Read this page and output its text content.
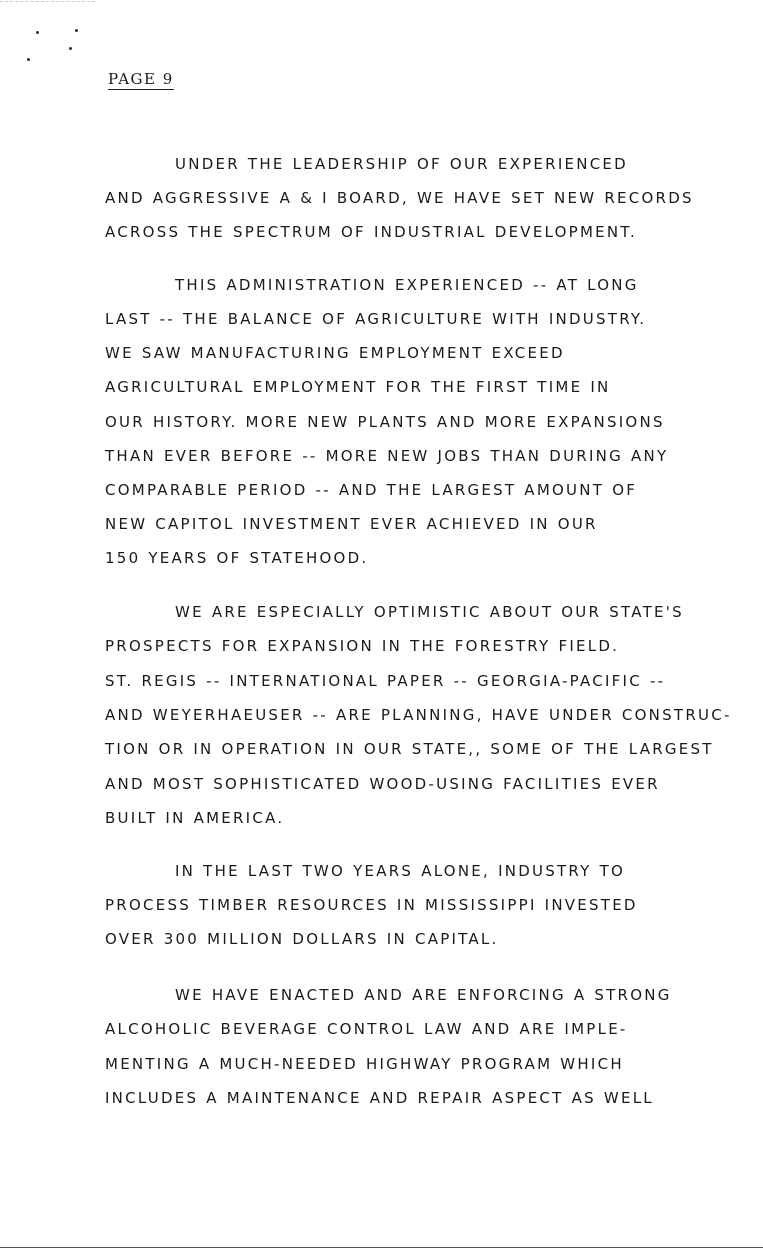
PAGE 9
UNDER THE LEADERSHIP OF OUR EXPERIENCED
AND AGGRESSIVE A & I BOARD, WE HAVE SET NEW RECORDS
ACROSS THE SPECTRUM OF INDUSTRIAL DEVELOPMENT.
THIS ADMINISTRATION EXPERIENCED -- AT LONG
LAST -- THE BALANCE OF AGRICULTURE WITH INDUSTRY.
WE SAW MANUFACTURING EMPLOYMENT EXCEED
AGRICULTURAL EMPLOYMENT FOR THE FIRST TIME IN
OUR HISTORY. MORE NEW PLANTS AND MORE EXPANSIONS
THAN EVER BEFORE -- MORE NEW JOBS THAN DURING ANY
COMPARABLE PERIOD -- AND THE LARGEST AMOUNT OF
NEW CAPITOL INVESTMENT EVER ACHIEVED IN OUR
150 YEARS OF STATEHOOD.
WE ARE ESPECIALLY OPTIMISTIC ABOUT OUR STATE'S
PROSPECTS FOR EXPANSION IN THE FORESTRY FIELD.
ST. REGIS -- INTERNATIONAL PAPER -- GEORGIA-PACIFIC --
AND WEYERHAEUSER -- ARE PLANNING, HAVE UNDER CONSTRUC-
TION OR IN OPERATION IN OUR STATE,, SOME OF THE LARGEST
AND MOST SOPHISTICATED WOOD-USING FACILITIES EVER
BUILT IN AMERICA.
IN THE LAST TWO YEARS ALONE, INDUSTRY TO
PROCESS TIMBER RESOURCES IN MISSISSIPPI INVESTED
OVER 300 MILLION DOLLARS IN CAPITAL.
WE HAVE ENACTED AND ARE ENFORCING A STRONG
ALCOHOLIC BEVERAGE CONTROL LAW AND ARE IMPLE-
MENTING A MUCH-NEEDED HIGHWAY PROGRAM WHICH
INCLUDES A MAINTENANCE AND REPAIR ASPECT AS WELL
